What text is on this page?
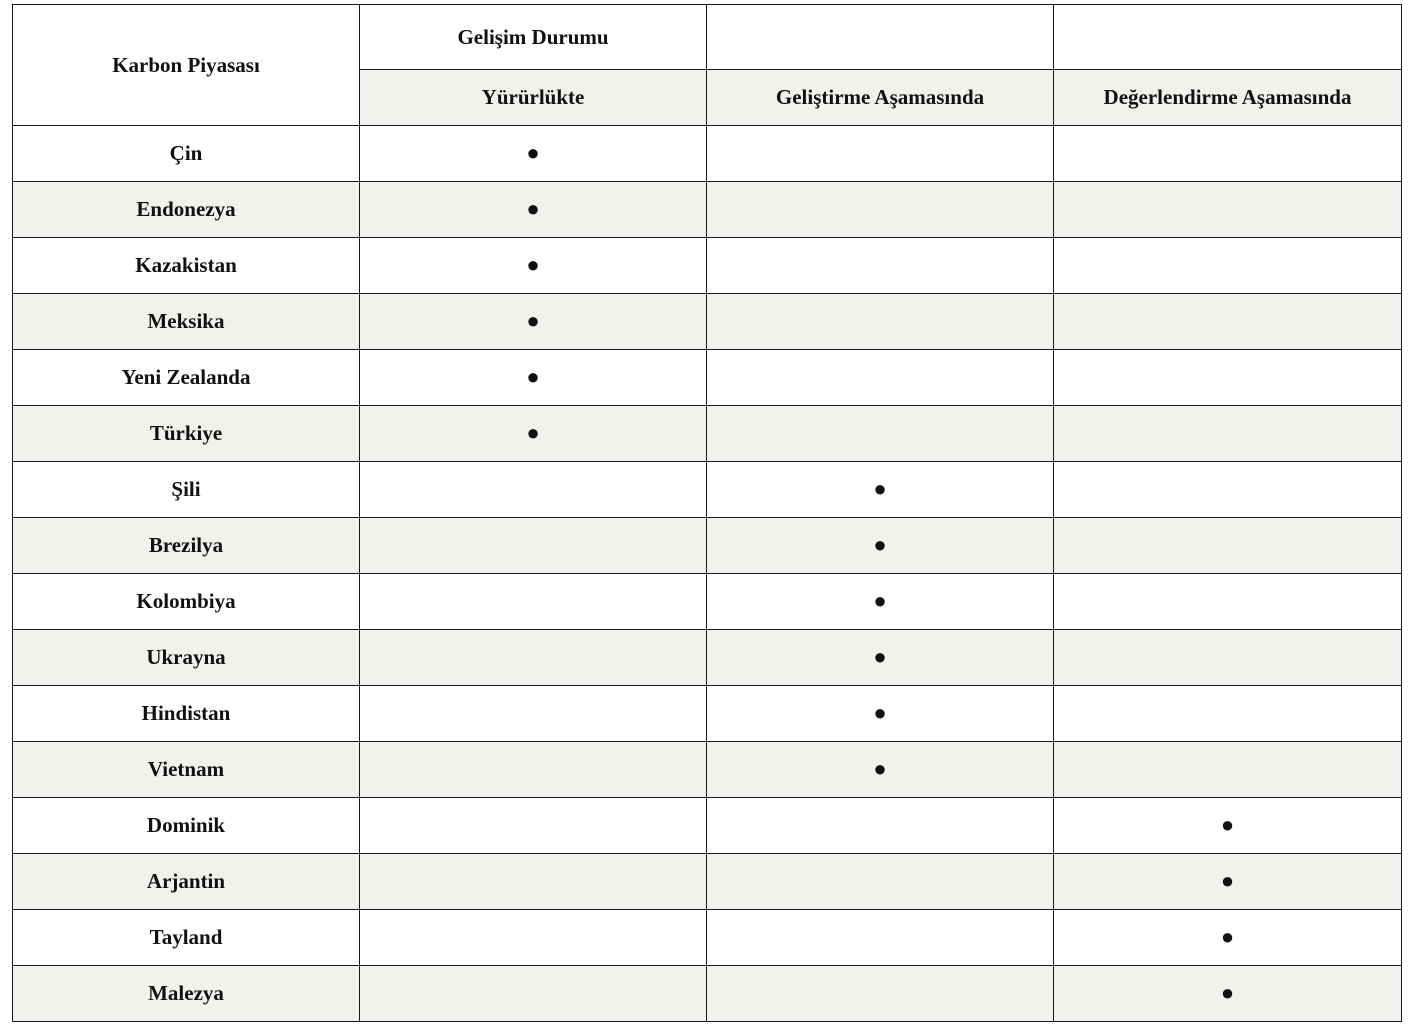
Karbon Piyasası	Gelişim Durumu		
	Yürürlükte	Geliştirme Aşamasında	Değerlendirme Aşamasında
Çin	●		
Endonezya	●		
Kazakistan	●		
Meksika	●		
Yeni Zealanda	●		
Türkiye	●		
Şili		●	
Brezilya		●	
Kolombiya		●	
Ukrayna		●	
Hindistan		●	
Vietnam		●	
Dominik			●
Arjantin			●
Tayland			●
Malezya			●
